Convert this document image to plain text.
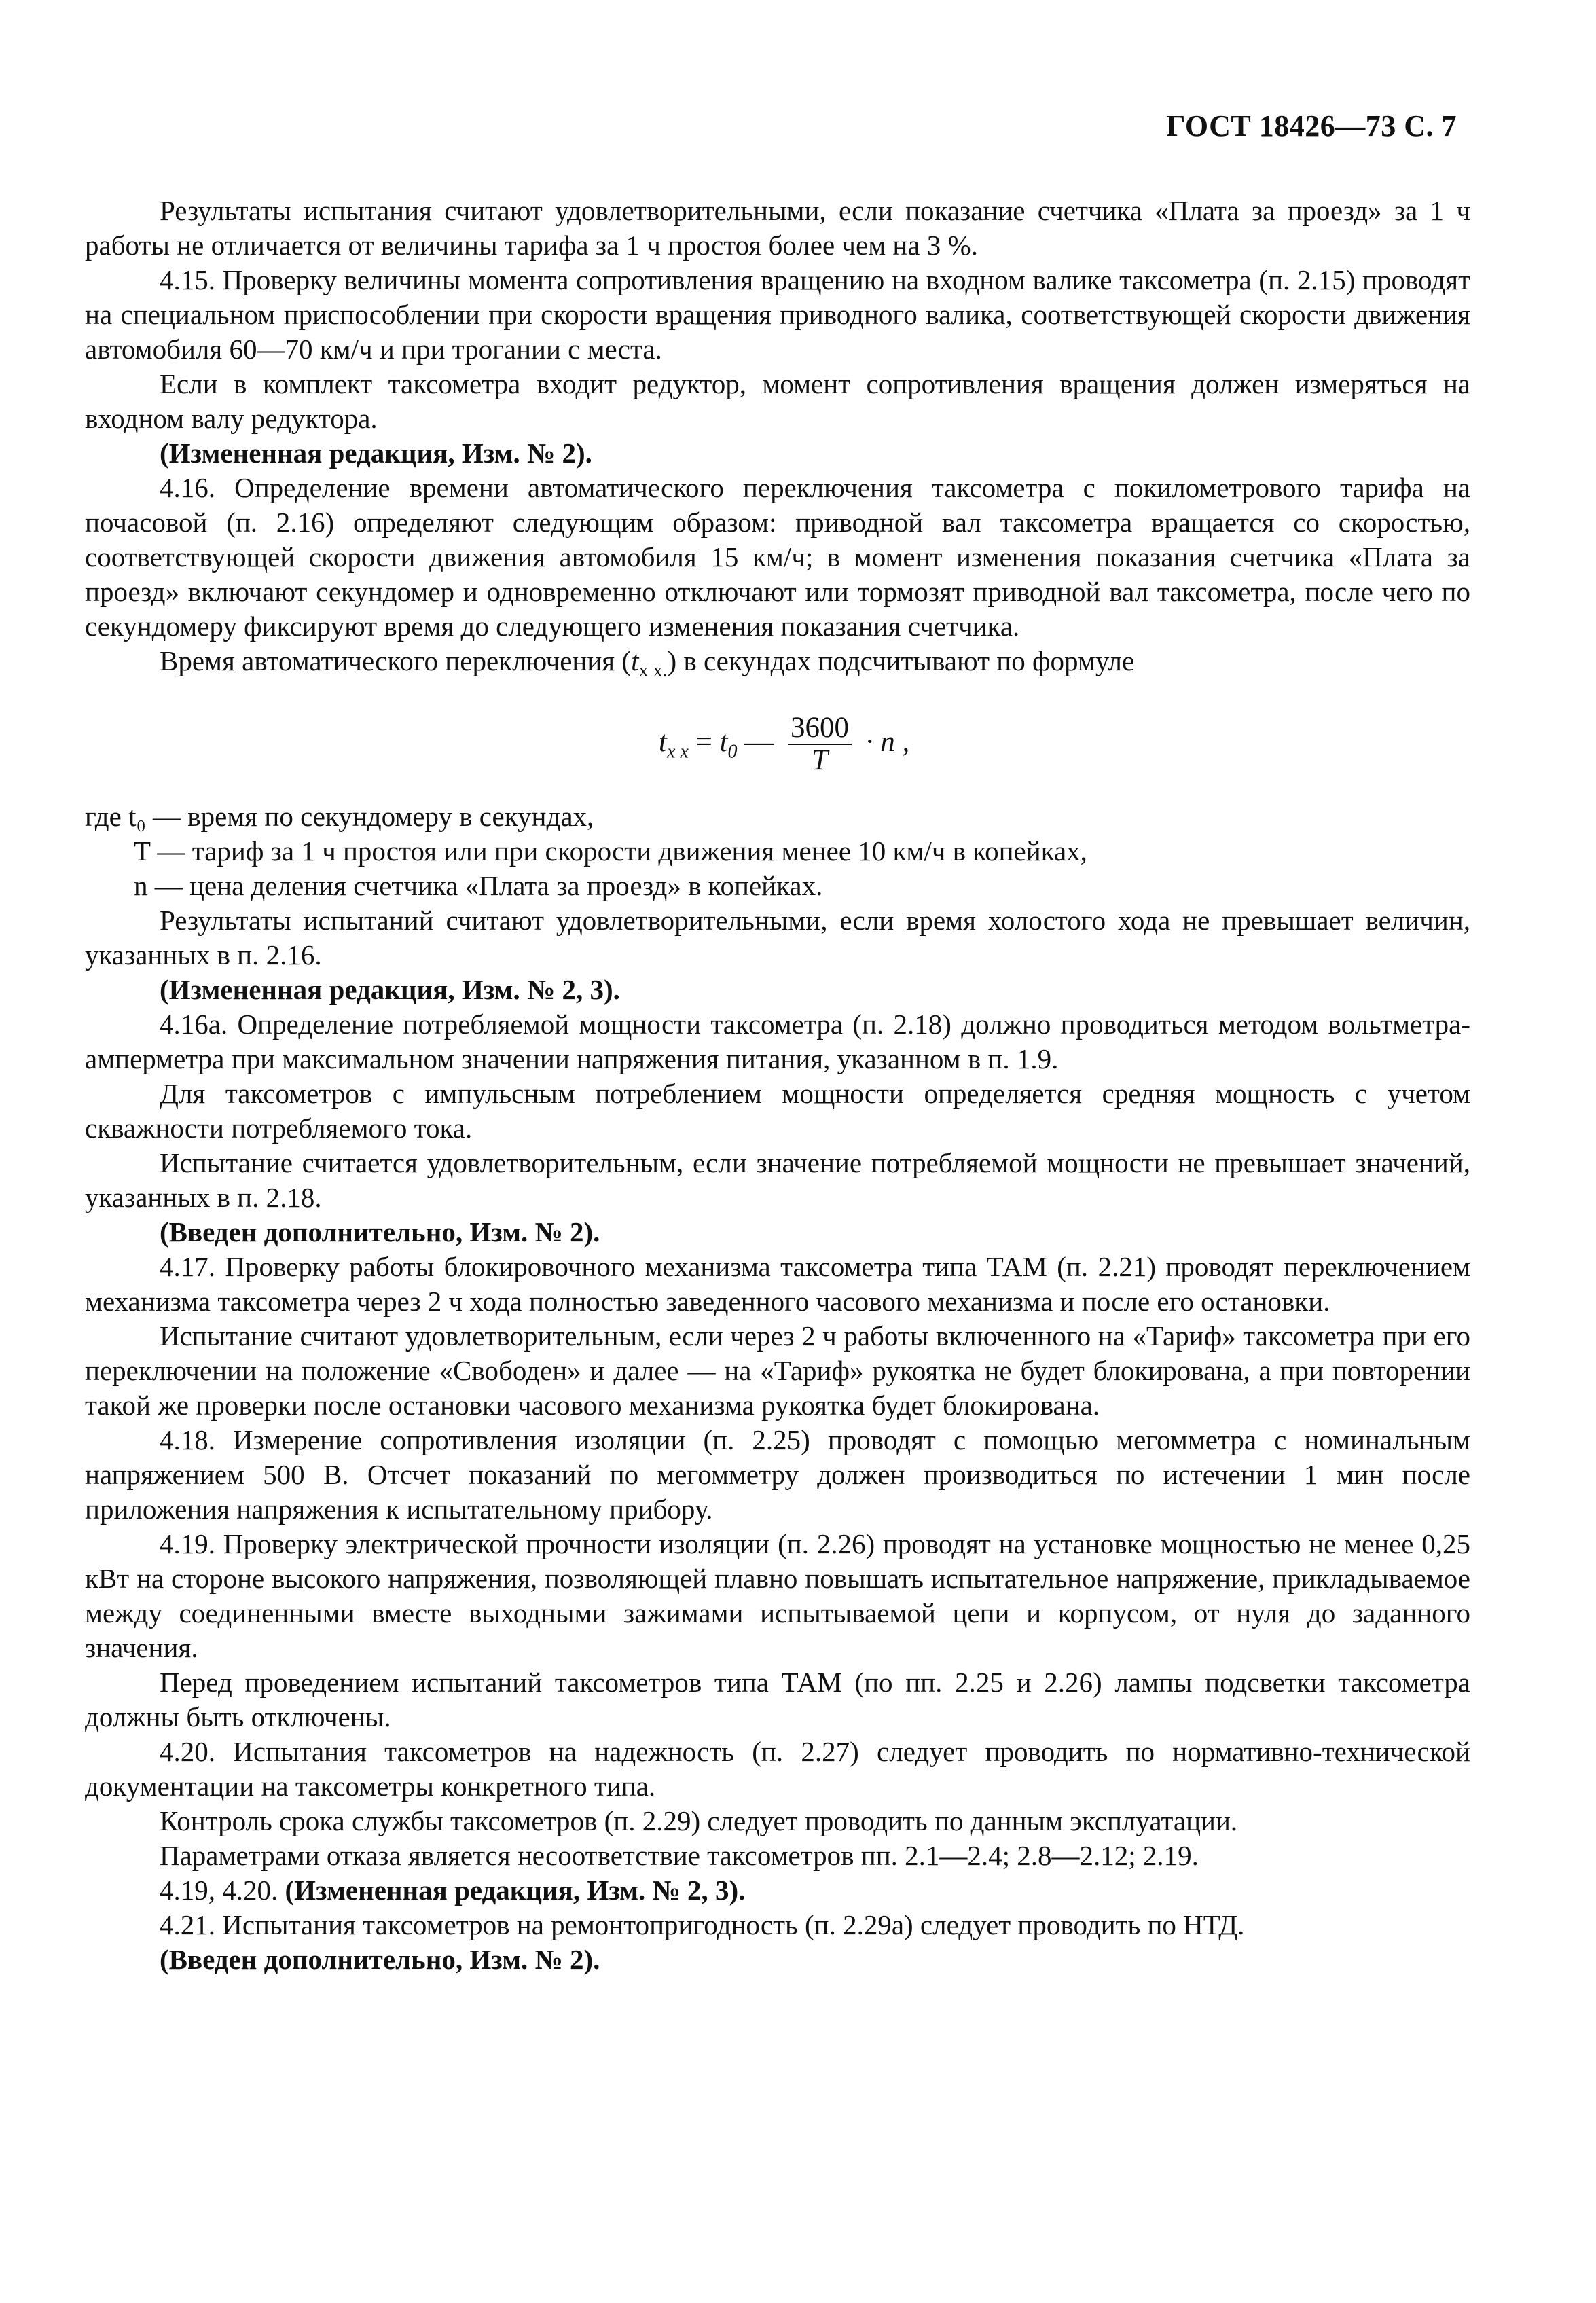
ГОСТ 18426—73 С. 7

Результаты испытания считают удовлетворительными, если показание счетчика «Плата за проезд» за 1 ч работы не отличается от величины тарифа за 1 ч простоя более чем на 3 %.

4.15. Проверку величины момента сопротивления вращению на входном валике таксометра (п. 2.15) проводят на специальном приспособлении при скорости вращения приводного валика, соответствующей скорости движения автомобиля 60—70 км/ч и при трогании с места.

Если в комплект таксометра входит редуктор, момент сопротивления вращения должен измеряться на входном валу редуктора.

(Измененная редакция, Изм. № 2).

4.16. Определение времени автоматического переключения таксометра с покилометрового тарифа на почасовой (п. 2.16) определяют следующим образом: приводной вал таксометра вращается со скоростью, соответствующей скорости движения автомобиля 15 км/ч; в момент изменения показания счетчика «Плата за проезд» включают секундомер и одновременно отключают или тормозят приводной вал таксометра, после чего по секундомеру фиксируют время до следующего изменения показания счетчика.

Время автоматического переключения $(t_{x x.})$ в секундах подсчитывают по формуле

$t_{x x} = t_0$ — $\frac{3600}{T} \cdot n$ ,

где t₀ — время по секундомеру в секундах,

T — тариф за 1 ч простоя или при скорости движения менее 10 км/ч в копейках,

n — цена деления счетчика «Плата за проезд» в копейках.

Результаты испытаний считают удовлетворительными, если время холостого хода не превышает величин, указанных в п. 2.16.

(Измененная редакция, Изм. № 2, 3).

4.16а. Определение потребляемой мощности таксометра (п. 2.18) должно проводиться методом вольтметра-амперметра при максимальном значении напряжения питания, указанном в п. 1.9.

Для таксометров с импульсным потреблением мощности определяется средняя мощность с учетом скважности потребляемого тока.

Испытание считается удовлетворительным, если значение потребляемой мощности не превышает значений, указанных в п. 2.18.

(Введен дополнительно, Изм. № 2).

4.17. Проверку работы блокировочного механизма таксометра типа ТАМ (п. 2.21) проводят переключением механизма таксометра через 2 ч хода полностью заведенного часового механизма и после его остановки.

Испытание считают удовлетворительным, если через 2 ч работы включенного на «Тариф» таксометра при его переключении на положение «Свободен» и далее — на «Тариф» рукоятка не будет блокирована, а при повторении такой же проверки после остановки часового механизма рукоятка будет блокирована.

4.18. Измерение сопротивления изоляции (п. 2.25) проводят с помощью мегомметра с номинальным напряжением 500 В. Отсчет показаний по мегомметру должен производиться по истечении 1 мин после приложения напряжения к испытательному прибору.

4.19. Проверку электрической прочности изоляции (п. 2.26) проводят на установке мощностью не менее 0,25 кВт на стороне высокого напряжения, позволяющей плавно повышать испытательное напряжение, прикладываемое между соединенными вместе выходными зажимами испытываемой цепи и корпусом, от нуля до заданного значения.

Перед проведением испытаний таксометров типа ТАМ (по пп. 2.25 и 2.26) лампы подсветки таксометра должны быть отключены.

4.20. Испытания таксометров на надежность (п. 2.27) следует проводить по нормативно-технической документации на таксометры конкретного типа.

Контроль срока службы таксометров (п. 2.29) следует проводить по данным эксплуатации.

Параметрами отказа является несоответствие таксометров пп. 2.1—2.4; 2.8—2.12; 2.19.

4.19, 4.20. (Измененная редакция, Изм. № 2, 3).

4.21. Испытания таксометров на ремонтопригодность (п. 2.29а) следует проводить по НТД.

(Введен дополнительно, Изм. № 2).
